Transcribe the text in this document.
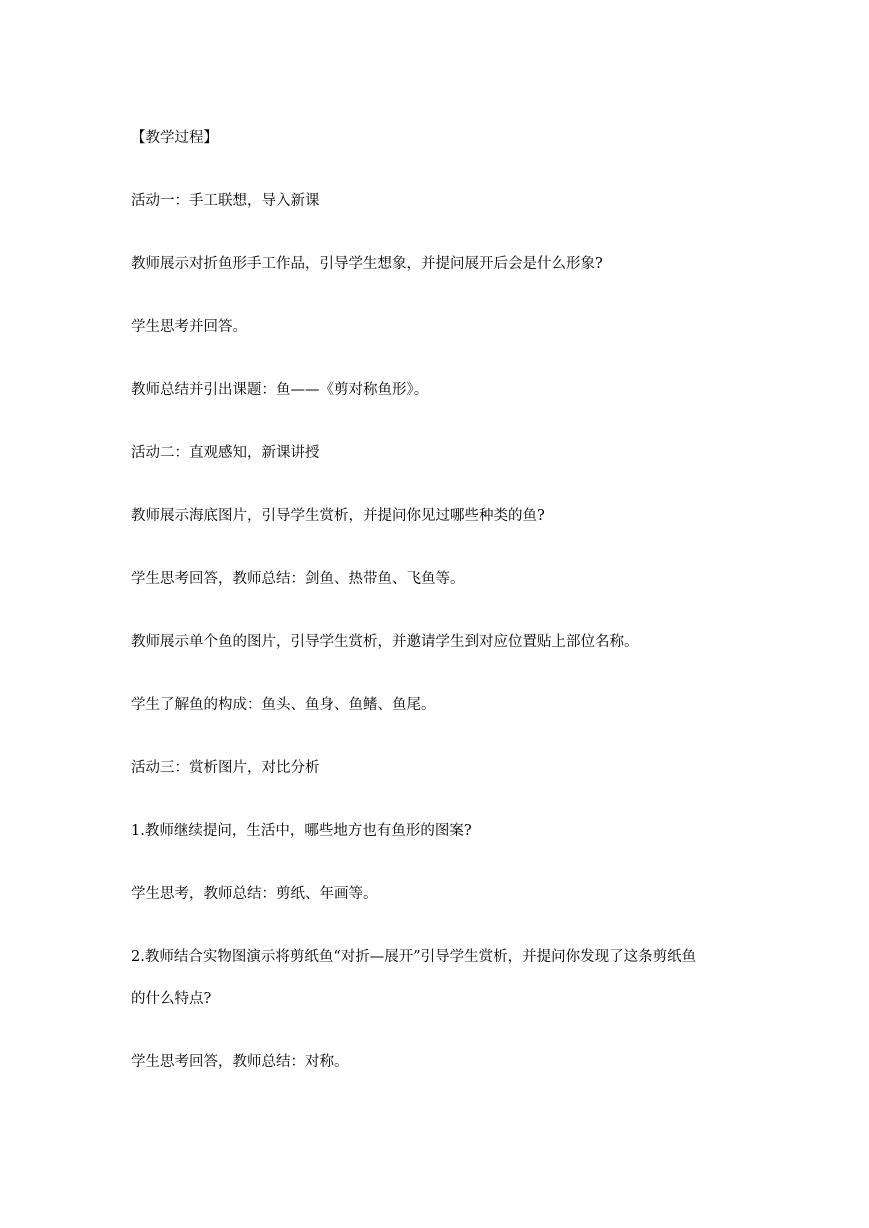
【教学过程】

活动一：手工联想，导入新课

教师展示对折鱼形手工作品，引导学生想象，并提问展开后会是什么形象?

学生思考并回答。

教师总结并引出课题：鱼——《剪对称鱼形》。

活动二：直观感知，新课讲授

教师展示海底图片，引导学生赏析，并提问你见过哪些种类的鱼?

学生思考回答，教师总结：剑鱼、热带鱼、飞鱼等。

教师展示单个鱼的图片，引导学生赏析，并邀请学生到对应位置贴上部位名称。

学生了解鱼的构成：鱼头、鱼身、鱼鳍、鱼尾。

活动三：赏析图片，对比分析

1.教师继续提问，生活中，哪些地方也有鱼形的图案?

学生思考，教师总结：剪纸、年画等。

2.教师结合实物图演示将剪纸鱼“对折—展开”引导学生赏析，并提问你发现了这条剪纸鱼

的什么特点?

学生思考回答，教师总结：对称。
